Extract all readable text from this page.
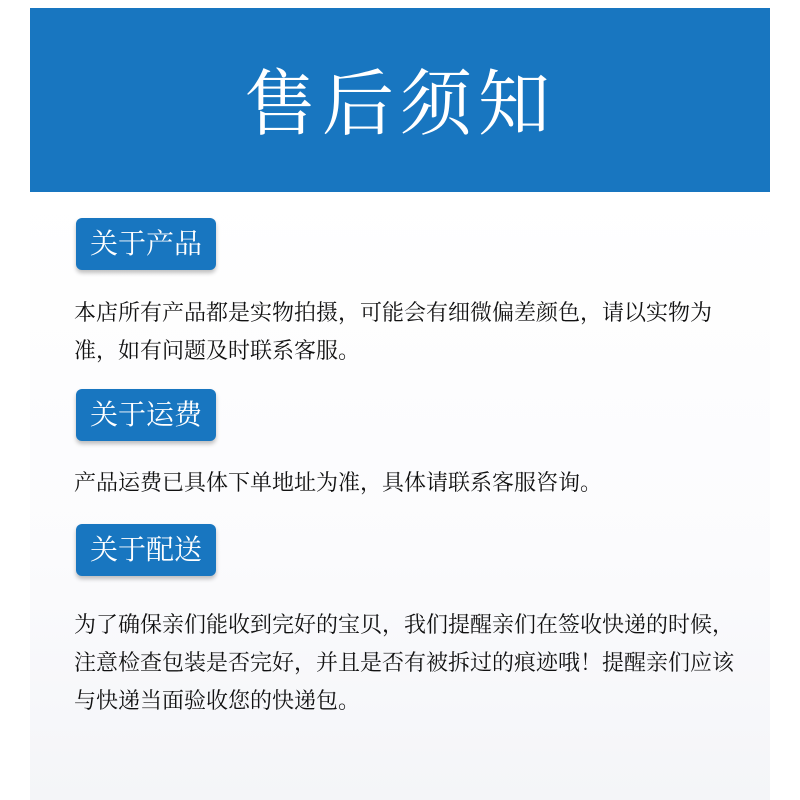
售后须知
关于产品
本店所有产品都是实物拍摄，可能会有细微偏差颜色，请以实物为准，如有问题及时联系客服。
关于运费
产品运费已具体下单地址为准，具体请联系客服咨询。
关于配送
为了确保亲们能收到完好的宝贝，我们提醒亲们在签收快递的时候，注意检查包装是否完好，并且是否有被拆过的痕迹哦！提醒亲们应该与快递当面验收您的快递包。
